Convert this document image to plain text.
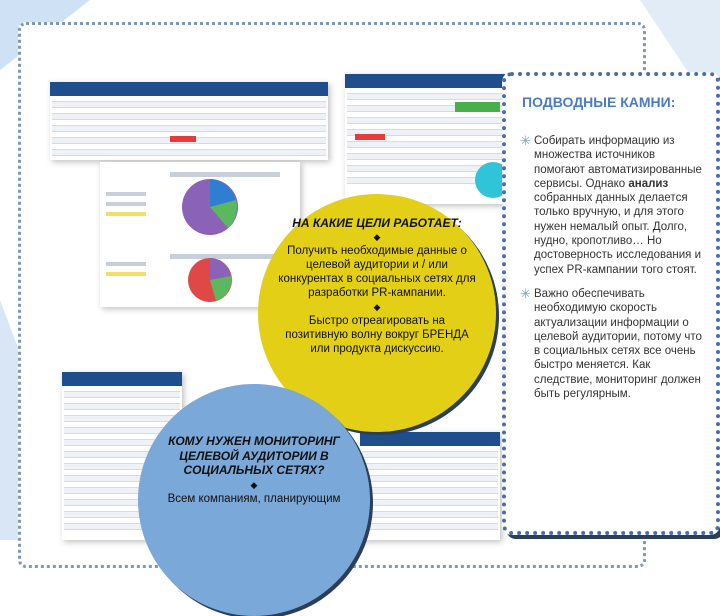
ПОДВОДНЫЕ КАМНИ:
✳ Собирать информацию из множества источников помогают автоматизированные сервисы. Однако анализ собранных данных делается только вручную, и для этого нужен немалый опыт. Долго, нудно, кропотливо… Но достоверность исследования и успех PR-кампании того стоят.
✳ Важно обеспечивать необходимую скорость актуализации информации о целевой аудитории, потому что в социальных сетях все очень быстро меняется. Как следствие, мониторинг должен быть регулярным.
НА КАКИЕ ЦЕЛИ РАБОТАЕТ:
◆
Получить необходимые данные о целевой аудитории и / или конкурентах в социальных сетях для разработки PR-кампании.
◆
Быстро отреагировать на позитивную волну вокруг БРЕНДА или продукта дискуссию.
КОМУ НУЖЕН МОНИТОРИНГ ЦЕЛЕВОЙ АУДИТОРИИ В СОЦИАЛЬНЫХ СЕТЯХ?
◆
Всем компаниям, планирующим
